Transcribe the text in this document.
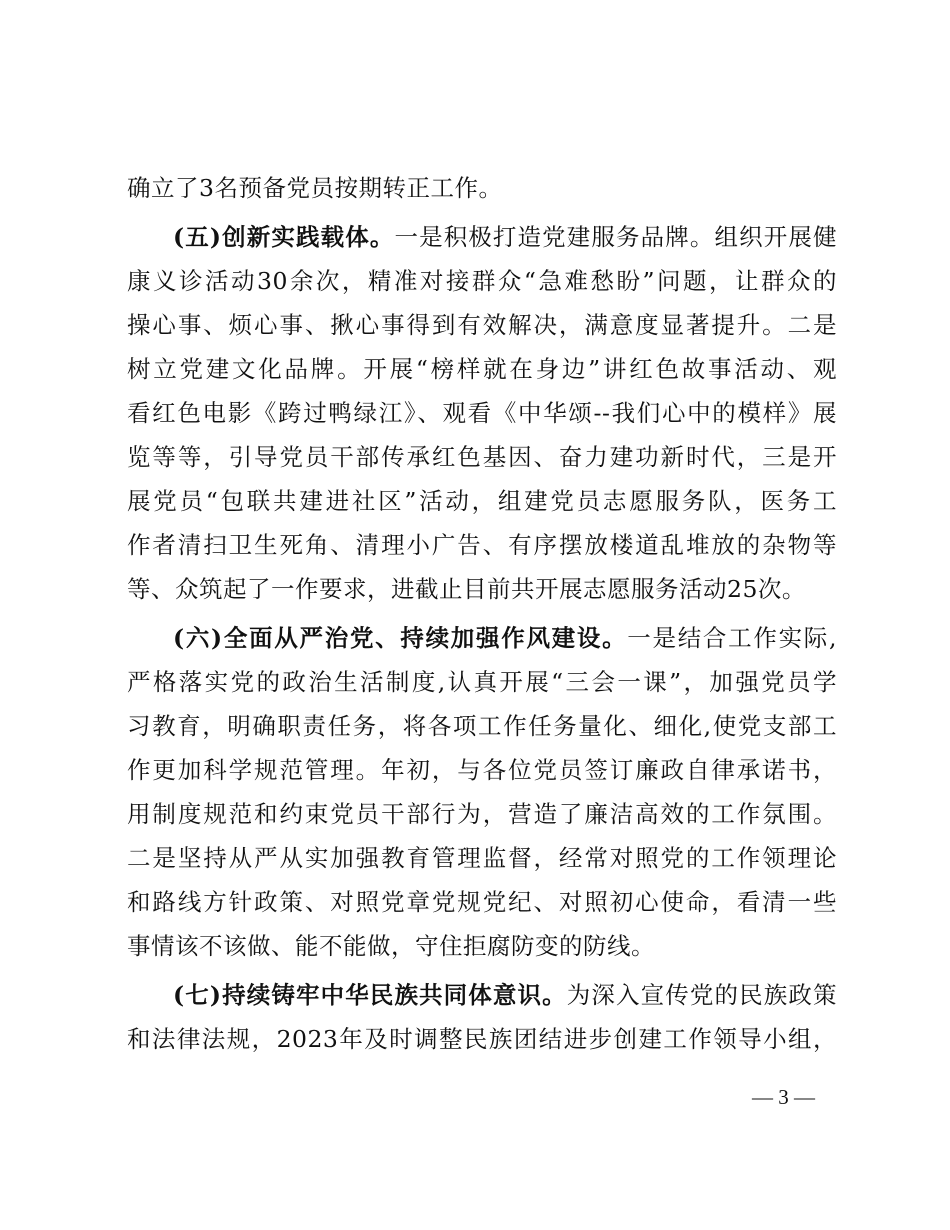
确立了3名预备党员按期转正工作。
(五)创新实践载体。一是积极打造党建服务品牌。组织开展健
康义诊活动30余次，精准对接群众“急难愁盼”问题，让群众的
操心事、烦心事、揪心事得到有效解决，满意度显著提升。二是
树立党建文化品牌。开展“榜样就在身边”讲红色故事活动、观
看红色电影《跨过鸭绿江》、观看《中华颂--我们心中的模样》展
览等等，引导党员干部传承红色基因、奋力建功新时代，三是开
展党员“包联共建进社区”活动，组建党员志愿服务队，医务工
作者清扫卫生死角、清理小广告、有序摆放楼道乱堆放的杂物等
等、众筑起了一作要求，进截止目前共开展志愿服务活动25次。
(六)全面从严治党、持续加强作风建设。一是结合工作实际,
严格落实党的政治生活制度,认真开展“三会一课”，加强党员学
习教育，明确职责任务，将各项工作任务量化、细化,使党支部工
作更加科学规范管理。年初，与各位党员签订廉政自律承诺书，
用制度规范和约束党员干部行为，营造了廉洁高效的工作氛围。
二是坚持从严从实加强教育管理监督，经常对照党的工作领理论
和路线方针政策、对照党章党规党纪、对照初心使命，看清一些
事情该不该做、能不能做，守住拒腐防变的防线。
(七)持续铸牢中华民族共同体意识。为深入宣传党的民族政策
和法律法规，2023年及时调整民族团结进步创建工作领导小组，
— 3 —
